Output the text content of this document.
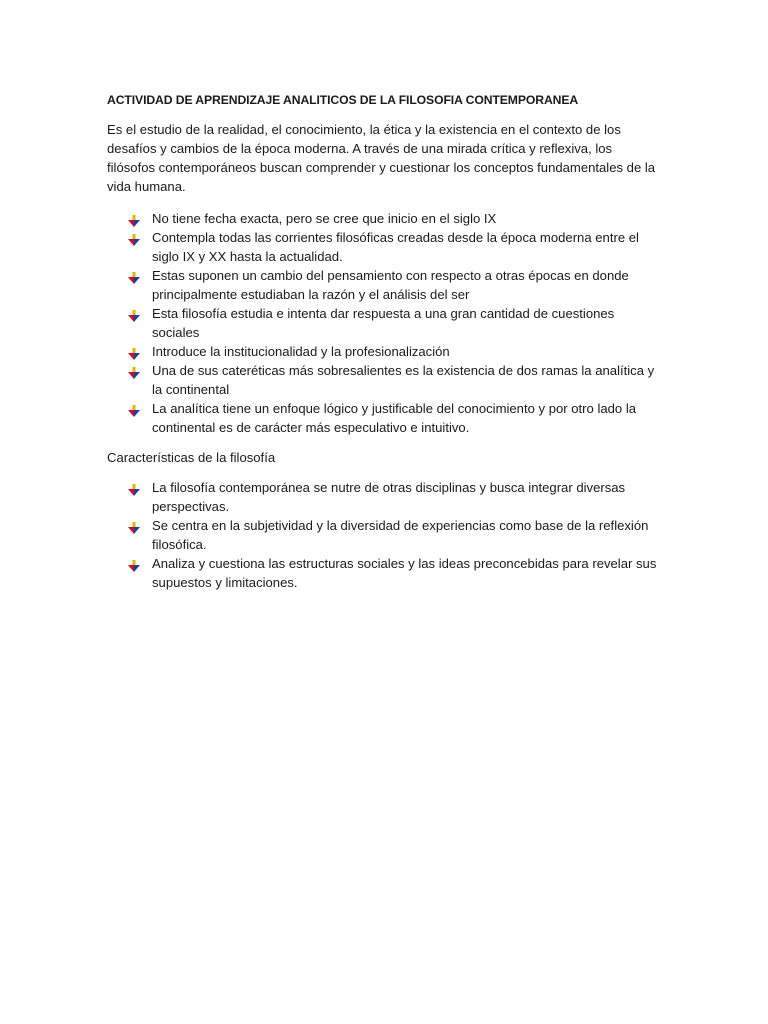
ACTIVIDAD DE APRENDIZAJE ANALITICOS DE LA FILOSOFIA CONTEMPORANEA
Es el estudio de la realidad, el conocimiento, la ética y la existencia en el contexto de los desafíos y cambios de la época moderna. A través de una mirada crítica y reflexiva, los filósofos contemporáneos buscan comprender y cuestionar los conceptos fundamentales de la vida humana.
No tiene fecha exacta, pero se cree que inicio en el siglo IX
Contempla todas las corrientes filosóficas creadas desde la época moderna entre el siglo IX y XX hasta la actualidad.
Estas suponen un cambio del pensamiento con respecto a otras épocas en donde principalmente estudiaban la razón y el análisis del ser
Esta filosofía estudia e intenta dar respuesta a una gran cantidad de cuestiones sociales
Introduce la institucionalidad y la profesionalización
Una de sus cateréticas más sobresalientes es la existencia de dos ramas la analítica y la continental
La analítica tiene un enfoque lógico y justificable del conocimiento y por otro lado la continental es de carácter más especulativo e intuitivo.
Características de la filosofía
La filosofía contemporánea se nutre de otras disciplinas y busca integrar diversas perspectivas.
Se centra en la subjetividad y la diversidad de experiencias como base de la reflexión filosófica.
Analiza y cuestiona las estructuras sociales y las ideas preconcebidas para revelar sus supuestos y limitaciones.
